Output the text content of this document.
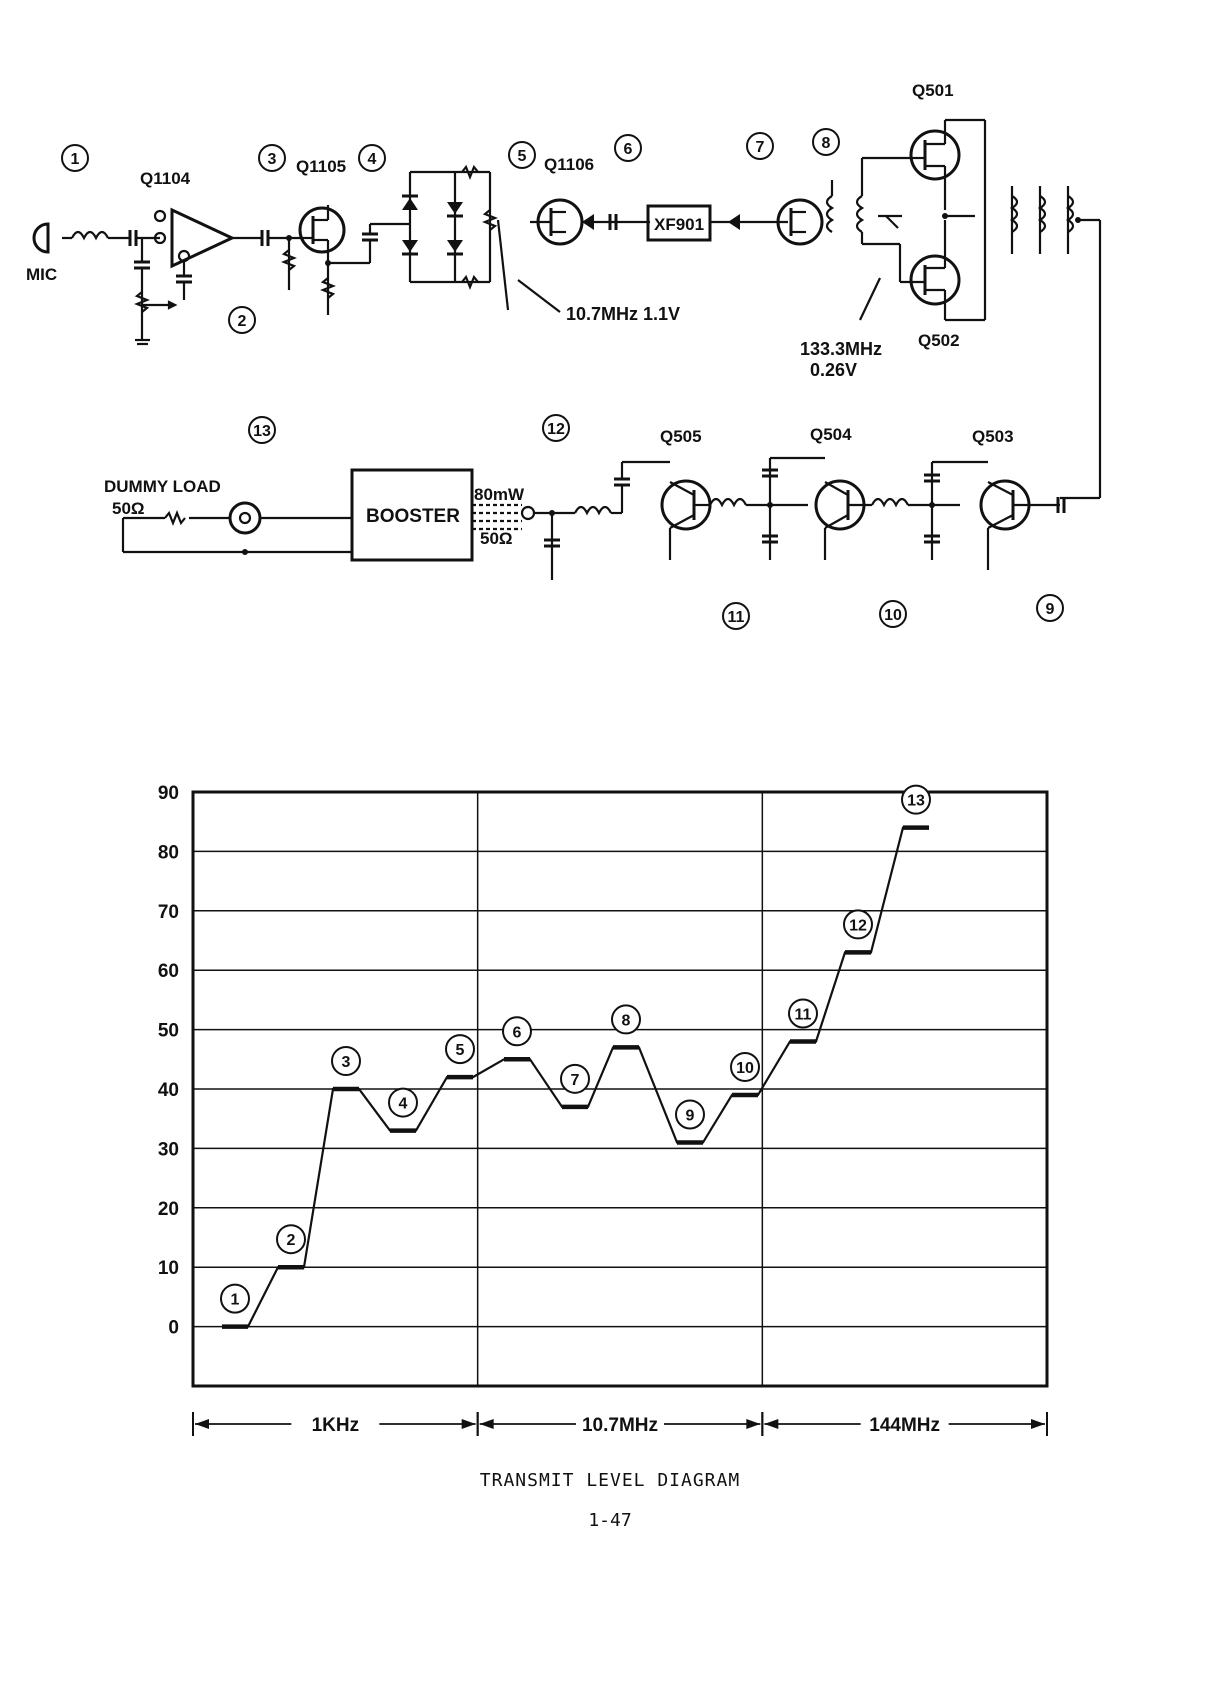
MIC
Q1104
Q1105	Q1106
XF901
Q501
Q502
10.7MHz 1.1V
133.3MHz
0.26V
DUMMY LOAD
50Ω	BOOSTER
80mW
50Ω
Q505	Q504	Q503
1
2
3	4	5	6	7	8
9
10
11
12
13
0
10
20
30
40
50
60
70
80
90
1KHz	10.7MHz	144MHz
1
2
3
4
5
6
7
8
9
10
11
12
13
TRANSMIT LEVEL DIAGRAM
1-47
